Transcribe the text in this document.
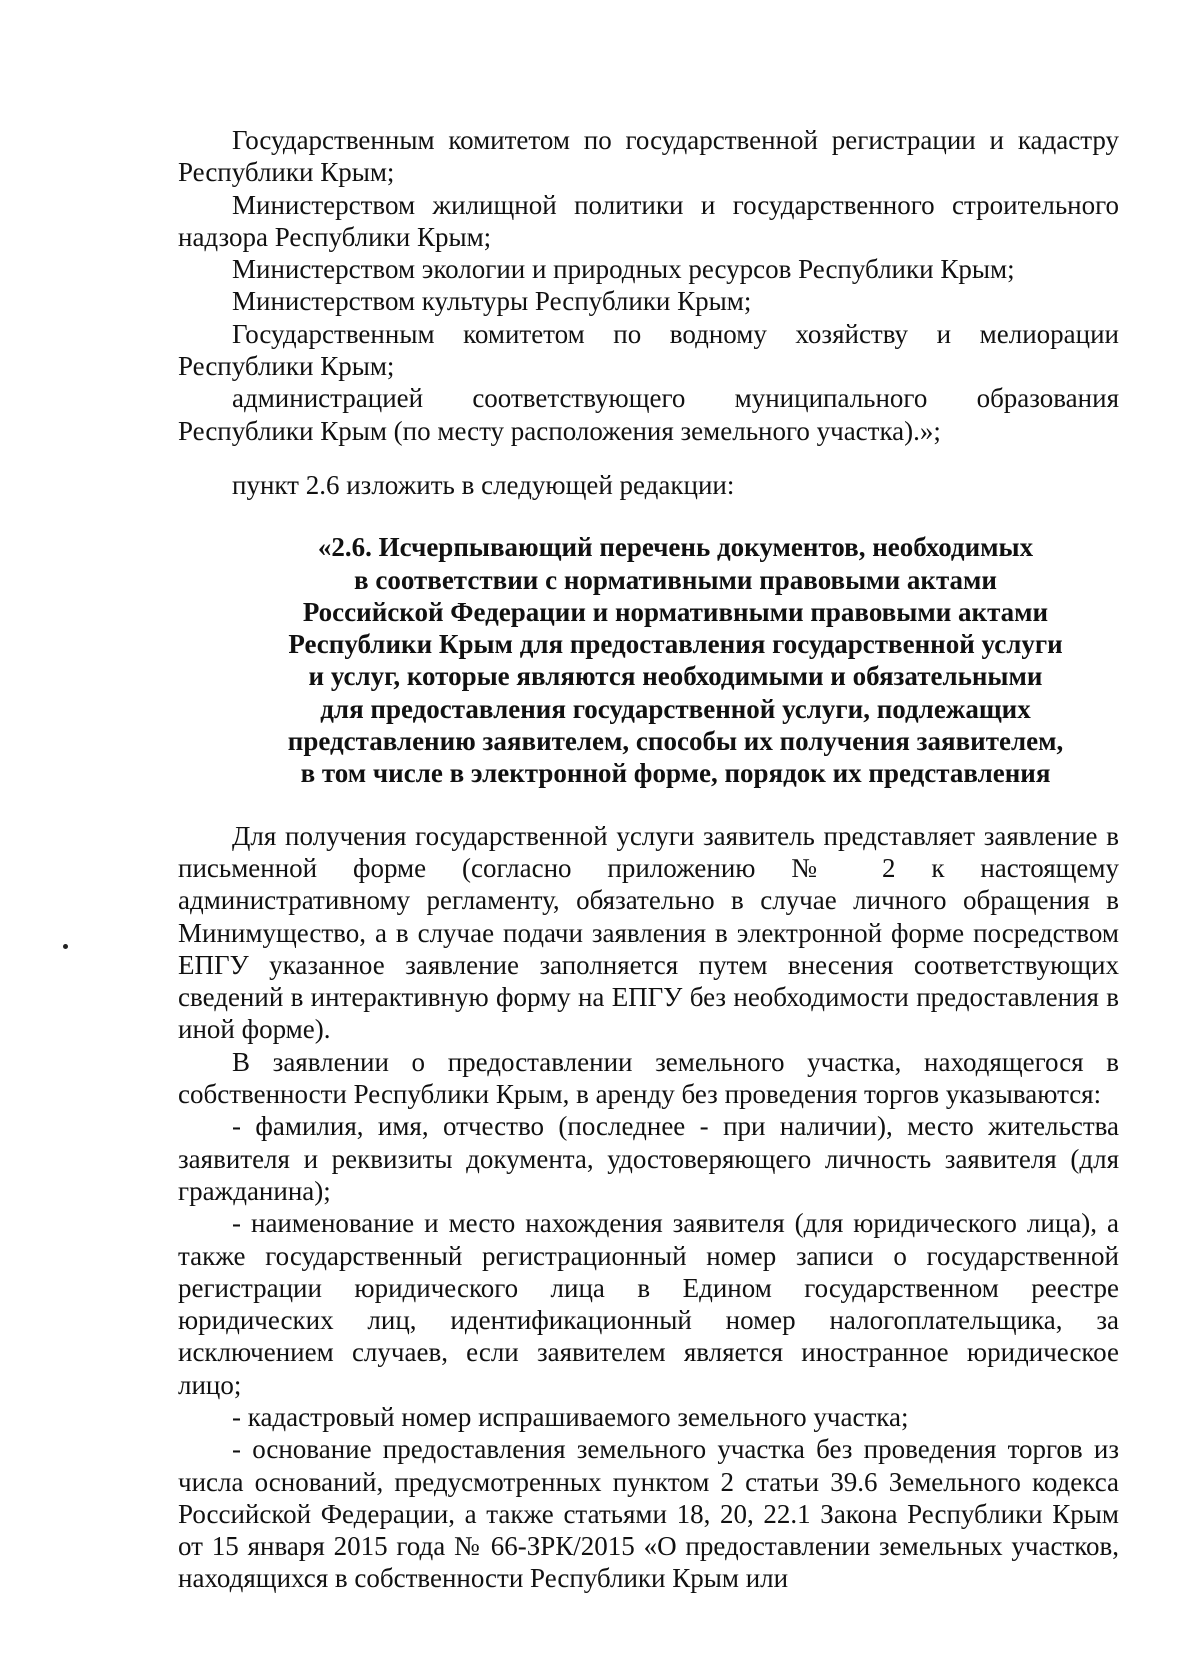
Государственным комитетом по государственной регистрации и кадастру Республики Крым;

Министерством жилищной политики и государственного строительного надзора Республики Крым;

Министерством экологии и природных ресурсов Республики Крым;

Министерством культуры Республики Крым;

Государственным комитетом по водному хозяйству и мелиорации Республики Крым;

администрацией соответствующего муниципального образования Республики Крым (по месту расположения земельного участка).»;

пункт 2.6 изложить в следующей редакции:

«2.6. Исчерпывающий перечень документов, необходимых
в соответствии с нормативными правовыми актами
Российской Федерации и нормативными правовыми актами
Республики Крым для предоставления государственной услуги
и услуг, которые являются необходимыми и обязательными
для предоставления государственной услуги, подлежащих
представлению заявителем, способы их получения заявителем,
в том числе в электронной форме, порядок их представления

Для получения государственной услуги заявитель представляет заявление в письменной форме (согласно приложению № 2 к настоящему административному регламенту, обязательно в случае личного обращения в Минимущество, а в случае подачи заявления в электронной форме посредством ЕПГУ указанное заявление заполняется путем внесения соответствующих сведений в интерактивную форму на ЕПГУ без необходимости предоставления в иной форме).

В заявлении о предоставлении земельного участка, находящегося в собственности Республики Крым, в аренду без проведения торгов указываются:

- фамилия, имя, отчество (последнее - при наличии), место жительства заявителя и реквизиты документа, удостоверяющего личность заявителя (для гражданина);

- наименование и место нахождения заявителя (для юридического лица), а также государственный регистрационный номер записи о государственной регистрации юридического лица в Едином государственном реестре юридических лиц, идентификационный номер налогоплательщика, за исключением случаев, если заявителем является иностранное юридическое лицо;

- кадастровый номер испрашиваемого земельного участка;

- основание предоставления земельного участка без проведения торгов из числа оснований, предусмотренных пунктом 2 статьи 39.6 Земельного кодекса Российской Федерации, а также статьями 18, 20, 22.1 Закона Республики Крым от 15 января 2015 года № 66-ЗРК/2015 «О предоставлении земельных участков, находящихся в собственности Республики Крым или
